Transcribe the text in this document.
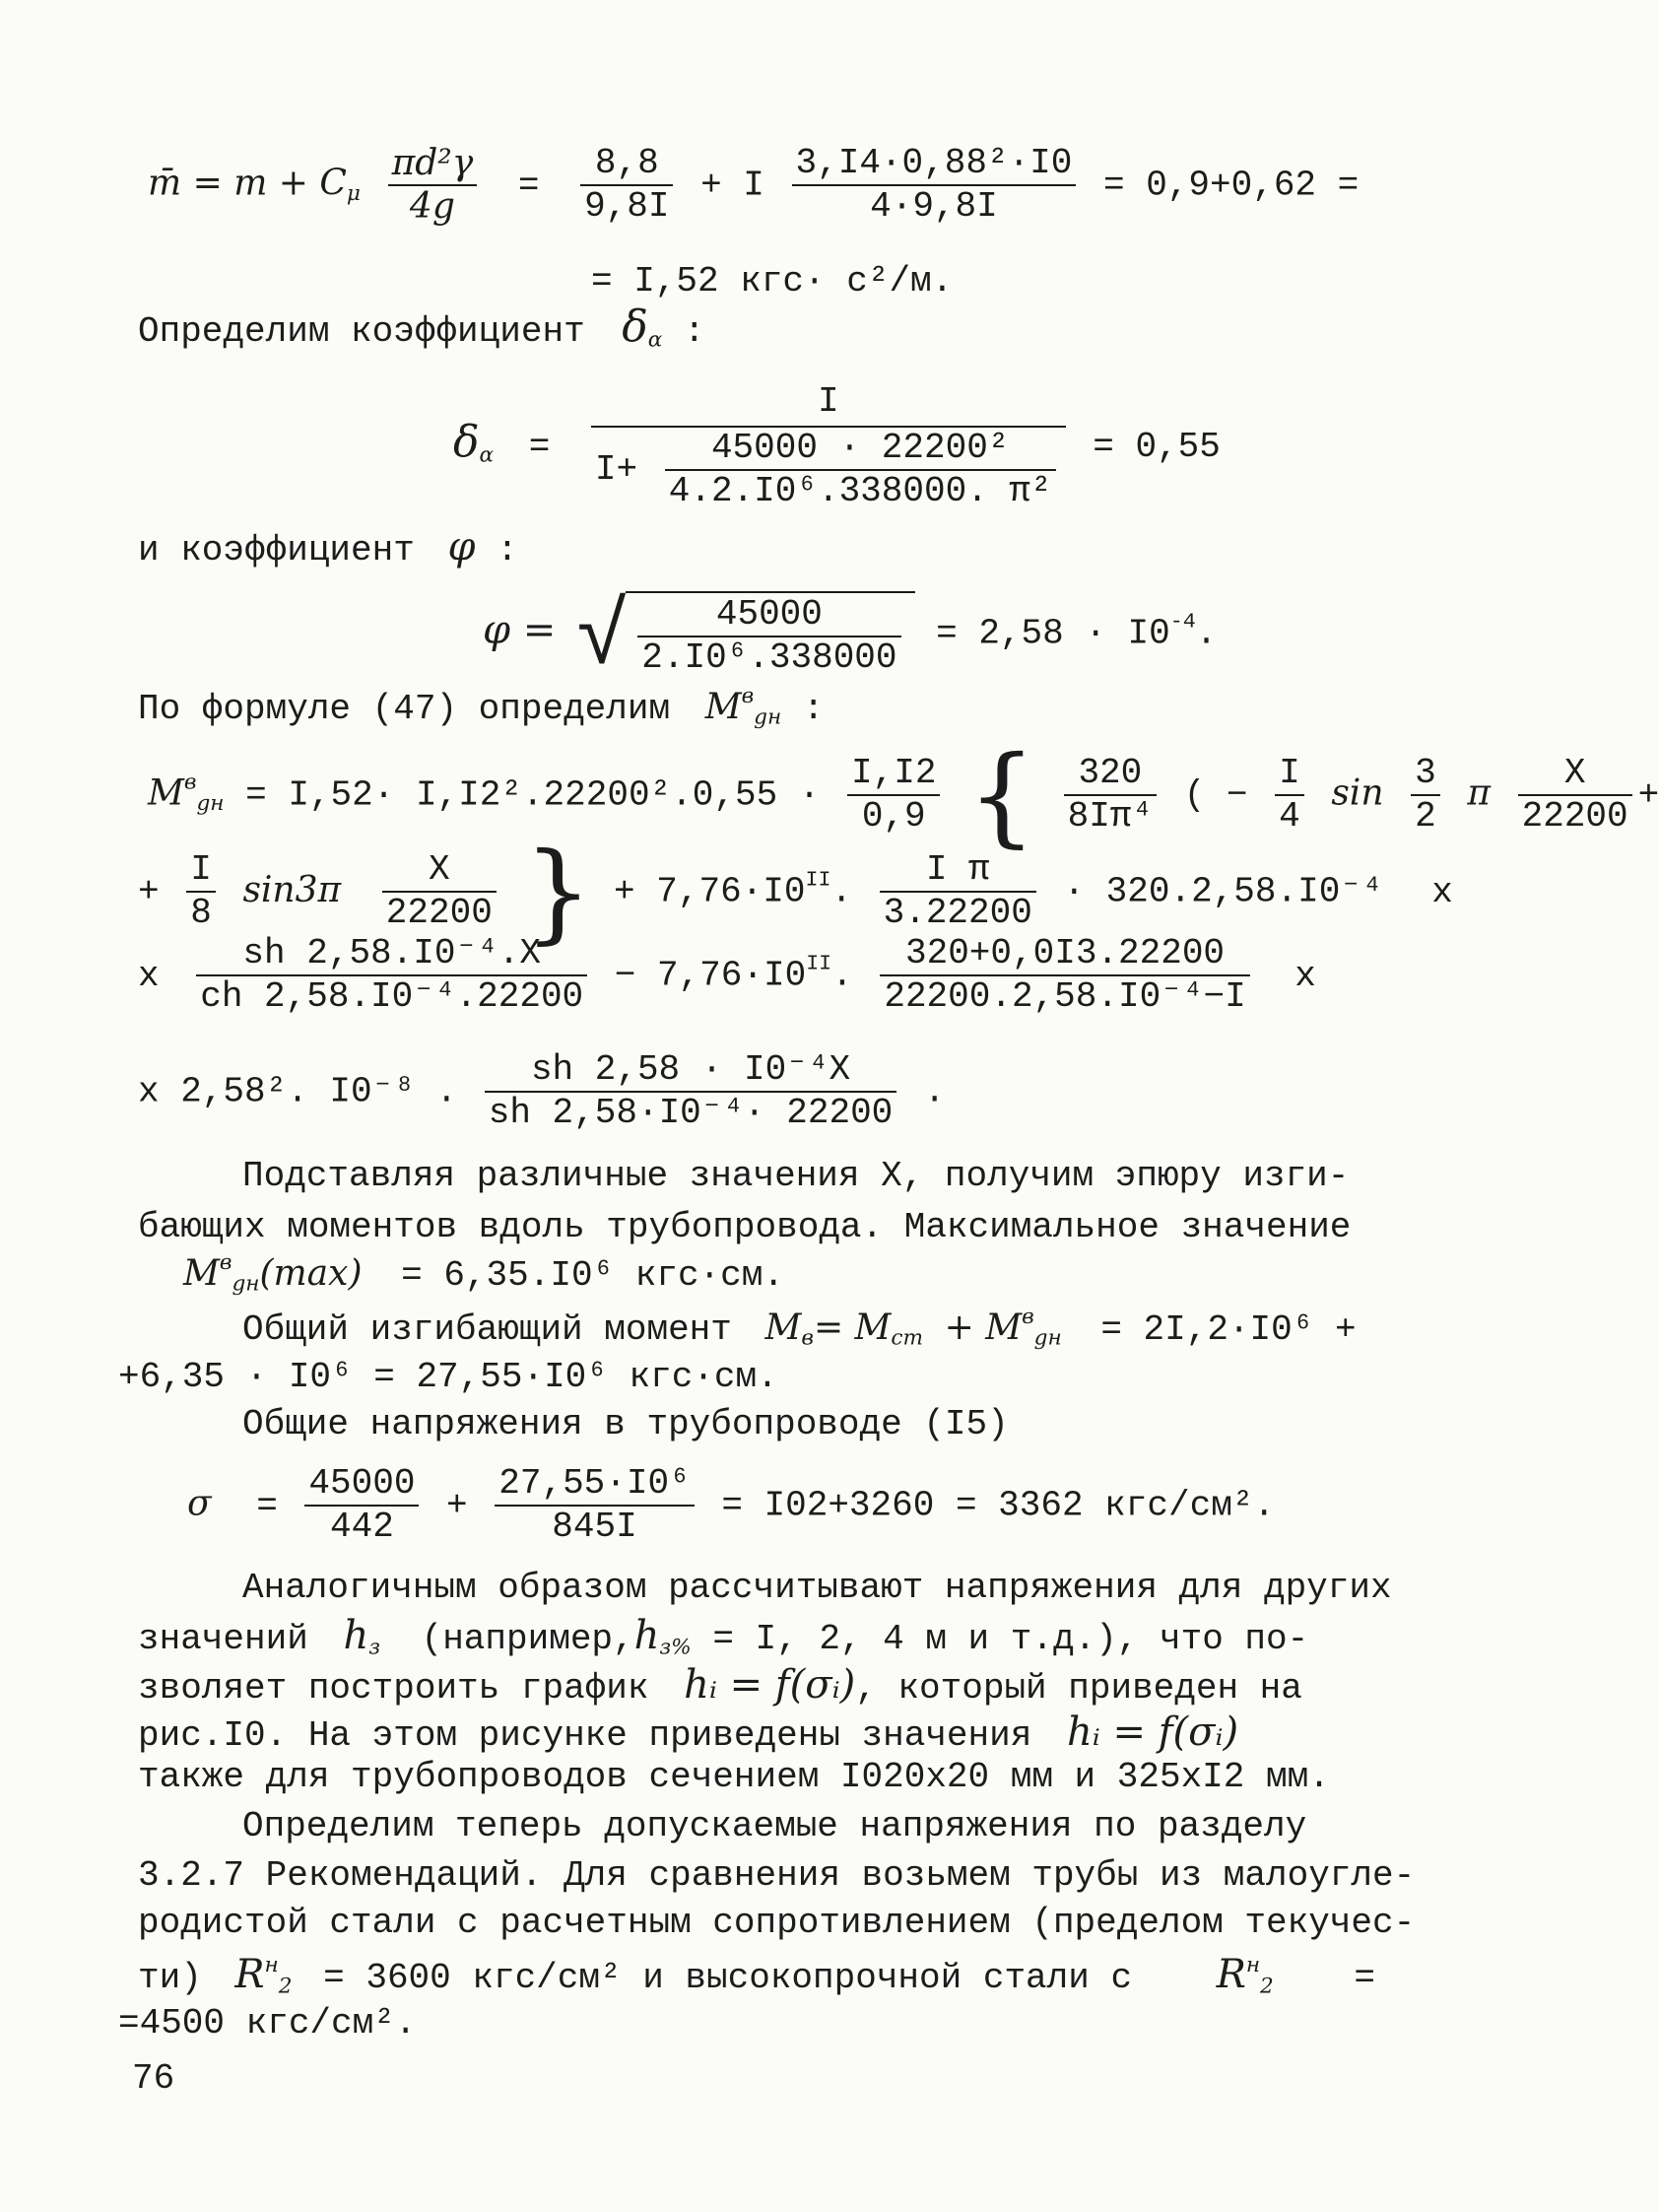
m̄ = $m + C_\mu \frac{\text{πd²γ}}{4g} = \frac{8,8}{9,8I} + I \frac{\text{3,I4·0,88²·I0}}{4\cdot 9,8I} = 0,9+0,62$ =
= I,52 кгс· c²/м.
Определим коэффициент $\delta_\alpha$ :
$\delta_\alpha = \frac{I}{I+ \frac{\text{45000 · 22200²}}{\text{4.2.I0⁶.338000. π²}}} = 0,55$
и коэффициент φ :
φ = √ $\frac{45000}{\text{2.I0⁶.338000}} = 2,58 \cdot I0^{-4}$.
По формуле (47) определим $M^в_{gн}$ :
$M^в_{gн} = I,52\cdot I,I2^2.22200^2.0,55 \cdot \frac{I,I2}{0,9}$ { $\frac{320}{\text{8Iπ⁴}}$ ( − $\frac{I}{4}$ $\sin \frac{3}{2}$ π $\frac{X}{22200}$ +
+ $\frac{I}{8} \sin 3\pi \frac{X}{22200}$ } + $7,76\cdot I0^{II}$. $\frac{\text{I π}}{3.22200} \cdot 320.2,58.I0^{-4}$ x
x $\frac{\text{sh 2,58.I0⁻⁴.X}}{\text{ch 2,58.I0⁻⁴.22200}} - 7,76\cdot I0^{II}$. $\frac{320+0,0I3.22200}{\text{22200.2,58.I0⁻⁴−I}}$ x
x 2,58². I0⁻⁸ . $\frac{\text{sh 2,58 · I0⁻⁴X}}{\text{sh 2,58·I0⁻⁴· 22200}}$ .
Подставляя различные значения X, получим эпюру изги-
бающих моментов вдоль трубопровода. Максимальное значение
$M^в_{gн}(\max) = 6,35.I0^6$ кгс·см.
Общий изгибающий момент $M_в= M_{ст} + M^в_{gн} = 2I,2\cdot I0^6$ +
+6,35 · I0⁶ = 27,55·I0⁶ кгс·см.
Общие напряжения в трубопроводе (I5)
$\sigma = \frac{45000}{442} + \frac{\text{27,55·I0⁶}}{845I} = I02+3260 = 3362$ кгс/см².
Аналогичным образом рассчитывают напряжения для других
значений $h_з$ ($например,h_{з\%} = I$, 2, 4 м и т.д.), что по-
зволяет построить график hᵢ = f(σᵢ), который приведен на
рис.I0. На этом рисунке приведены значения hᵢ = f(σᵢ)
также для трубопроводов сечением I020x20 мм и 325xI2 мм.
Определим теперь допускаемые напряжения по разделу
3.2.7 Рекомендаций. Для сравнения возьмем трубы из малоугле-
родистой стали с расчетным сопротивлением (пределом текучес-
ти) $R^н_2 = 3600$ кгс/см² и высокопрочной стали с $R^н_2$ =
=4500 кгс/см².
76
